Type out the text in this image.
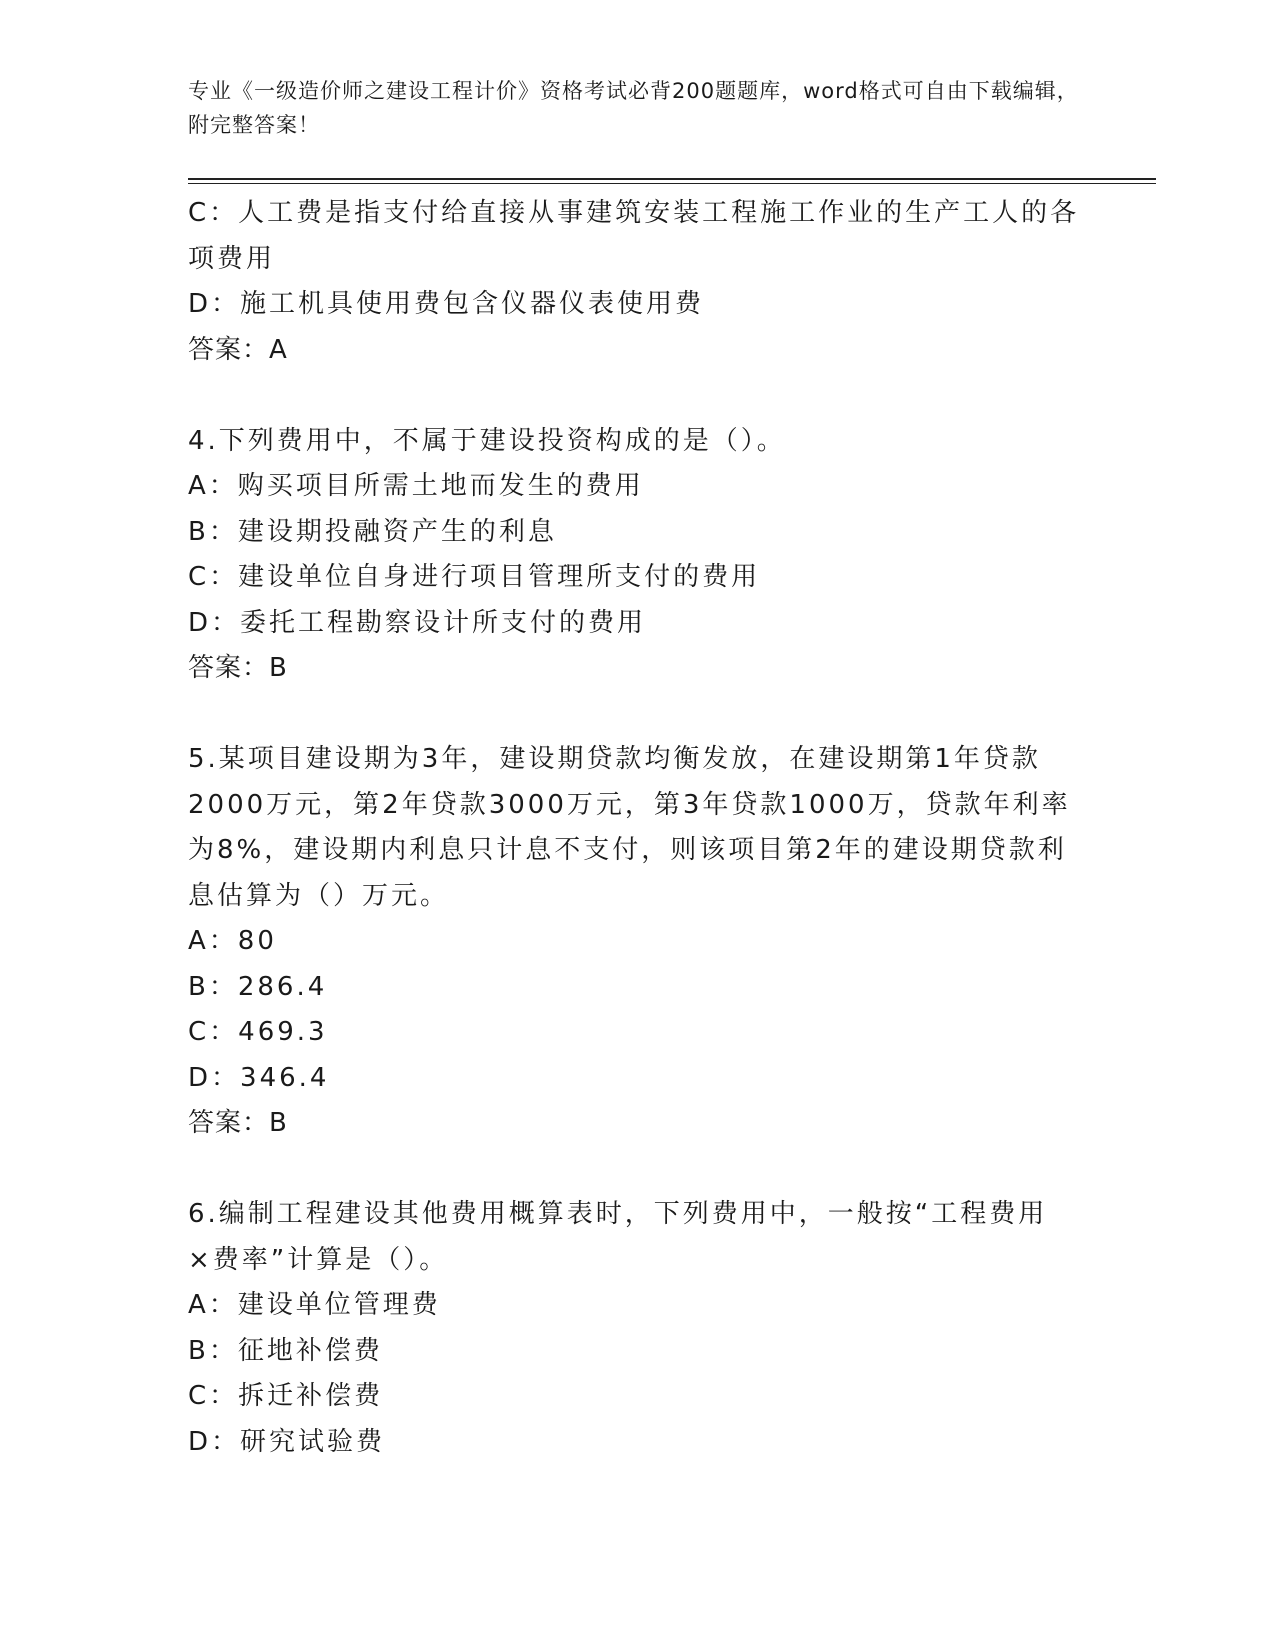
专业《一级造价师之建设工程计价》资格考试必背200题题库，word格式可自由下载编辑，附完整答案！
C：人工费是指支付给直接从事建筑安装工程施工作业的生产工人的各
项费用
D：施工机具使用费包含仪器仪表使用费
答案：A
4.下列费用中，不属于建设投资构成的是（）。
A：购买项目所需土地而发生的费用
B：建设期投融资产生的利息
C：建设单位自身进行项目管理所支付的费用
D：委托工程勘察设计所支付的费用
答案：B
5.某项目建设期为3年，建设期贷款均衡发放，在建设期第1年贷款
2000万元，第2年贷款3000万元，第3年贷款1000万，贷款年利率
为8%，建设期内利息只计息不支付，则该项目第2年的建设期贷款利
息估算为（）万元。
A：80
B：286.4
C：469.3
D：346.4
答案：B
6.编制工程建设其他费用概算表时，下列费用中，一般按“工程费用
×费率”计算是（）。
A：建设单位管理费
B：征地补偿费
C：拆迁补偿费
D：研究试验费
